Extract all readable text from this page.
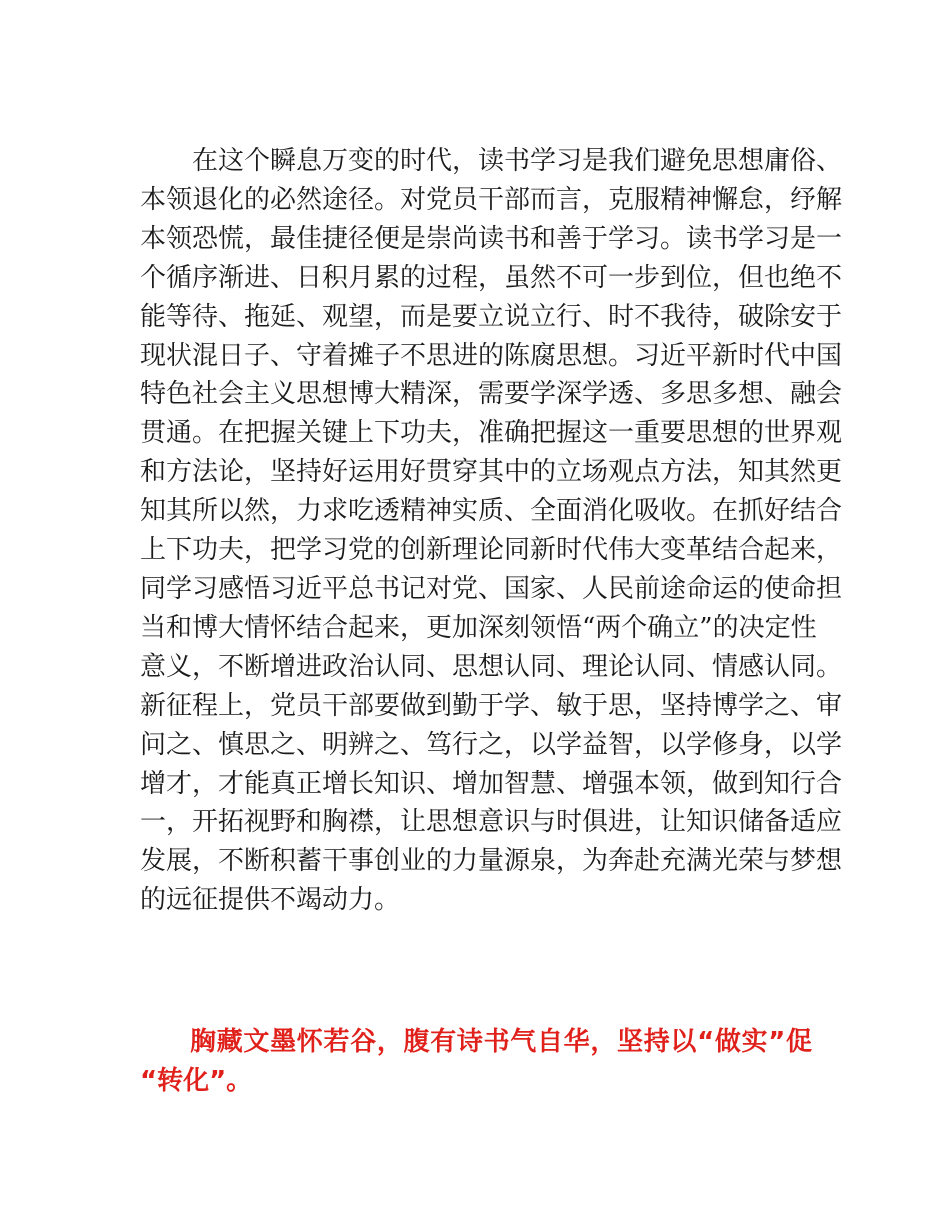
在这个瞬息万变的时代，读书学习是我们避免思想庸俗、
本领退化的必然途径。对党员干部而言，克服精神懈怠，纾解
本领恐慌，最佳捷径便是崇尚读书和善于学习。读书学习是一
个循序渐进、日积月累的过程，虽然不可一步到位，但也绝不
能等待、拖延、观望，而是要立说立行、时不我待，破除安于
现状混日子、守着摊子不思进的陈腐思想。习近平新时代中国
特色社会主义思想博大精深，需要学深学透、多思多想、融会
贯通。在把握关键上下功夫，准确把握这一重要思想的世界观
和方法论，坚持好运用好贯穿其中的立场观点方法，知其然更
知其所以然，力求吃透精神实质、全面消化吸收。在抓好结合
上下功夫，把学习党的创新理论同新时代伟大变革结合起来，
同学习感悟习近平总书记对党、国家、人民前途命运的使命担
当和博大情怀结合起来，更加深刻领悟“两个确立”的决定性
意义，不断增进政治认同、思想认同、理论认同、情感认同。
新征程上，党员干部要做到勤于学、敏于思，坚持博学之、审
问之、慎思之、明辨之、笃行之，以学益智，以学修身，以学
增才，才能真正增长知识、增加智慧、增强本领，做到知行合
一，开拓视野和胸襟，让思想意识与时俱进，让知识储备适应
发展，不断积蓄干事创业的力量源泉，为奔赴充满光荣与梦想
的远征提供不竭动力。
胸藏文墨怀若谷，腹有诗书气自华，坚持以“做实”促
“转化”。
